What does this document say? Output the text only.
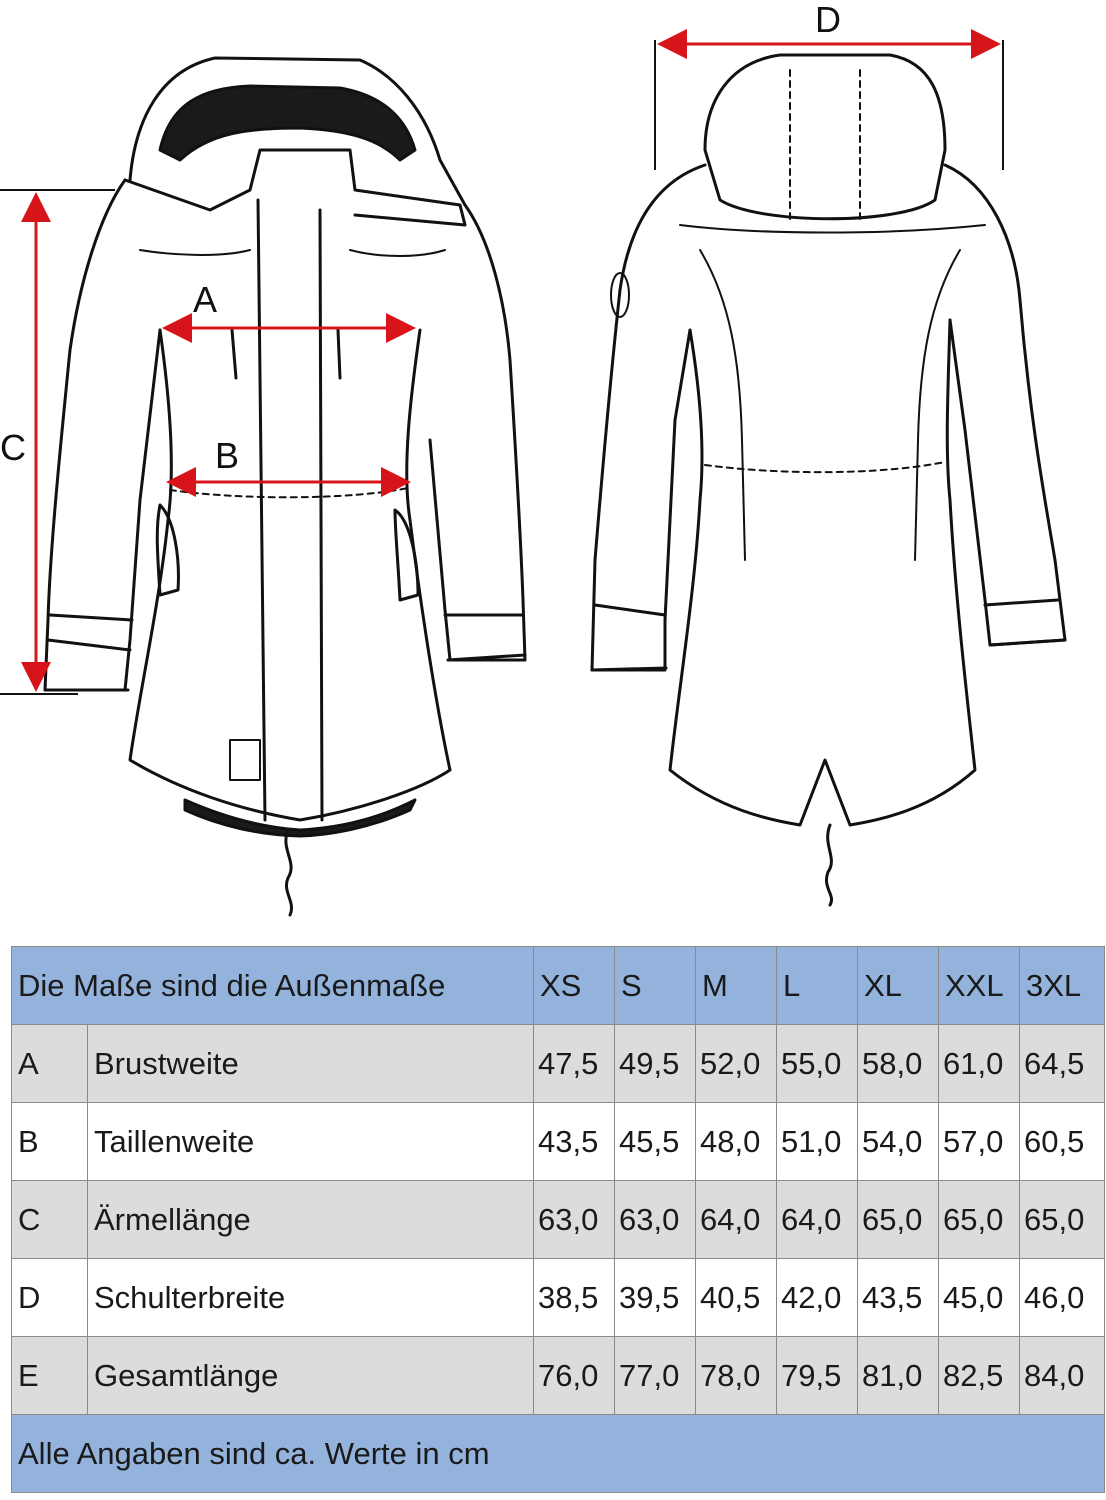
A
B
C
D
Die Maße sind die Außenmaße		XS	S	M	L	XL	XXL	3XL
A	Brustweite	47,5	49,5	52,0	55,0	58,0	61,0	64,5
B	Taillenweite	43,5	45,5	48,0	51,0	54,0	57,0	60,5
C	Ärmellänge	63,0	63,0	64,0	64,0	65,0	65,0	65,0
D	Schulterbreite	38,5	39,5	40,5	42,0	43,5	45,0	46,0
E	Gesamtlänge	76,0	77,0	78,0	79,5	81,0	82,5	84,0
Alle Angaben sind ca. Werte in cm								
